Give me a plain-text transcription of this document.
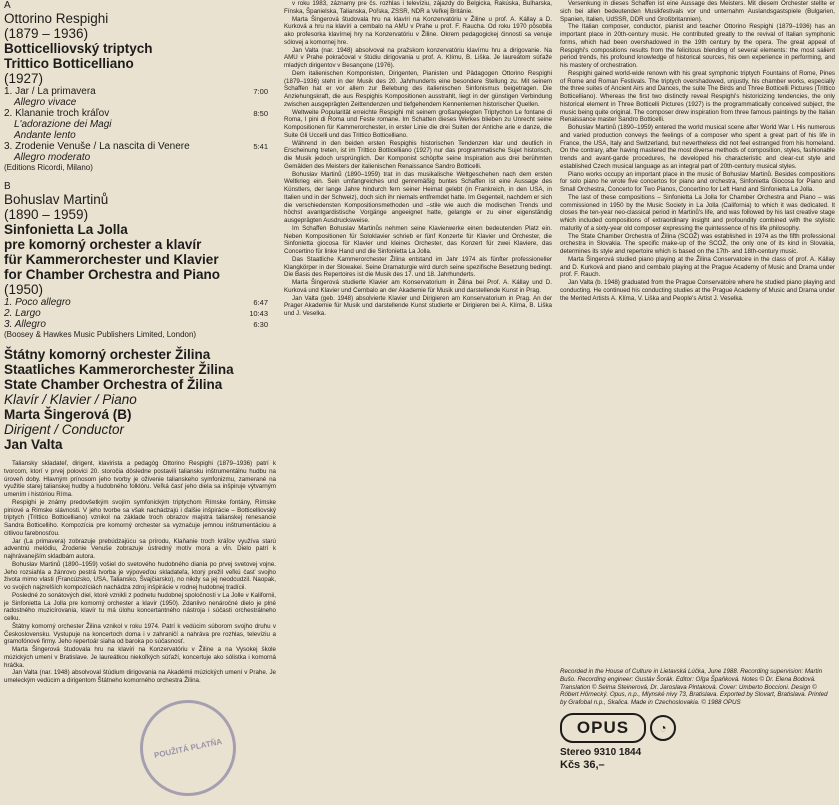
A

Ottorino Respighi

(1879 – 1936)

Botticelliovský triptych

Trittico Botticelliano

(1927)

1. Jar / La primavera	7:00
Allegro vivace
2. Klananie troch kráľov	8:50
L'adorazione dei Magi
Andante lento
3. Zrodenie Venuše / La nascita di Venere	5:41
Allegro moderato
(Editions Ricordi, Milano)

B

Bohuslav Martinů

(1890 – 1959)

Sinfonietta La Jolla

pre komorný orchester a klavír

für Kammerorchester und Klavier

for Chamber Orchestra and Piano

(1950)

1. Poco allegro	6:47
2. Largo	10:43
3. Allegro	6:30
(Boosey & Hawkes Music Publishers Limited, London)

Štátny komorný orchester Žilina

Staatliches Kammerorchester Žilina

State Chamber Orchestra of Žilina

Klavír / Klavier / Piano

Marta Šingerová (B)

Dirigent / Conductor

Jan Valta

Taliansky skladateľ, dirigent, klavirista a pedagóg Ottorino Respighi (1879–1936) patrí k tvorcom, ktorí v prvej polovici 20. storočia dôsledne postavili taliansku inštrumentálnu hudbu na úroveň doby. Hlavným prínosom jeho tvorby je oživenie talianskeho symfonizmu, zamerané na využitie starej talianskej hudby a hudobného folklóru. Veľká časť jeho diela sa inšpiruje výtvarným umením i históriou Ríma.

Respighi je známy predovšetkým svojím symfonickým triptychom Rímske fontány, Rímske piniové a Rímske slávnosti. V jeho tvorbe sa však nachádzajú i ďalšie inšpirácie – Botticelliovský triptych (Trittico Botticelliano) vznikol na základe troch obrazov majstra talianskej renesancie Sandra Botticelliho. Kompozícia pre komorný orchester sa vyznačuje jemnou inštrumentáciou a citlivou farebnosťou.

Jar (La primavera) zobrazuje prebúdzajúcu sa prírodu, Klaňanie troch kráľov využíva starú adventnú melódiu, Zrodenie Venuše zobrazuje ústredný motív mora a vĺn. Dielo patrí k najhrávanejším skladbám autora.

Bohuslav Martinů (1890–1959) vošiel do svetového hudobného diania po prvej svetovej vojne. Jeho rozsiahla a žánrovo pestrá tvorba je výpoveďou skladateľa, ktorý prežil veľkú časť svojho života mimo vlasti (Francúzsko, USA, Taliansko, Švajčiarsko), no nikdy sa jej neodcudzil. Naopak, vo svojich najzrelších kompozíciách nachádza zdroj inšpirácie v rodnej hudobnej tradícii.

Posledné zo sonátových diel, ktoré vznikli z podnetu hudobnej spoločnosti v La Jolle v Kalifornii, je Sinfonietta La Jolla pre komorný orchester a klavír (1950). Zdanlivo nenáročné dielo je plné radostného muzicírovania, klavír tu má úlohu koncertantného nástroja i súčasti orchestrálneho celku.

Štátny komorný orchester Žilina vznikol v roku 1974. Patrí k vedúcim súborom svojho druhu v Československu. Vystupuje na koncertoch doma i v zahraničí a nahráva pre rozhlas, televíziu a gramofónové firmy. Jeho repertoár siaha od baroka po súčasnosť.

Marta Šingerová študovala hru na klavíri na Konzervatóriu v Žiline a na Vysokej škole múzických umení v Bratislave. Je laureátkou niekoľkých súťaží, koncertuje ako sólistka i komorná hráčka.

Jan Valta (nar. 1948) absolvoval štúdium dirigovania na Akadémii múzických umení v Prahe. Je umeleckým vedúcim a dirigentom Štátneho komorného orchestra Žilina.

v roku 1983, záznamy pre čs. rozhlas i televíziu, zájazdy do Belgicka, Rakúska, Bulharska, Fínska, Španielska, Talianska, Poľska, ZSSR, NDR a Veľkej Británie.

Marta Šingerová študovala hru na klavíri na Konzervatóriu v Žiline u prof. A. Kállay a D. Kurková a hru na klavíri a cembalo na AMU v Prahe u prof. F. Raucha. Od roku 1970 pôsobila ako profesorka klavírnej hry na Konzervatóriu v Žiline. Okrem pedagogickej činnosti sa venuje sólovej a komornej hre.

Jan Valta (nar. 1948) absolvoval na pražskom konzervatóriu klavírnu hru a dirigovanie. Na AMU v Prahe pokračoval v štúdiu dirigovania u prof. A. Klímu, B. Liška. Je laureátom súťaže mladých dirigentov v Besançone (1976).

Dem italienischen Komponisten, Dirigenten, Pianisten und Pädagogen Ottorino Respighi (1879–1936) steht in der Musik des 20. Jahrhunderts eine besondere Stellung zu. Mit seinem Schaffen hat er vor allem zur Belebung des italienischen Sinfonismus beigetragen. Die Anziehungskraft, die aus Respighis Kompositionen ausstrahlt, liegt in der günstigen Verbindung zwischen ausgeprägten Zeittendenzen und tiefgehendem Kennenlernen historischer Quellen.

Weltweite Popularität erreichte Respighi mit seinem großangelegten Triptychon Le fontane di Roma, I pini di Roma und Feste romane. Im Schatten dieses Werkes blieben zu Unrecht seine Kompositionen für Kammerorchester, in erster Linie die drei Suiten der Antiche arie e danze, die Suite Gli Uccelli und das Trittico Botticelliano.

Während in den beiden ersten Respighis historischen Tendenzen klar und deutlich in Erscheinung treten, ist im Trittico Botticelliano (1927) nur das programmatische Sujet historisch, die Musik jedoch ursprünglich. Der Komponist schöpfte seine Inspiration aus drei berühmten Gemälden des Meisters der italienischen Renaissance Sandro Botticelli.

Bohuslav Martinů (1890–1959) trat in das musikalische Weltgeschehen nach dem ersten Weltkrieg ein. Sein umfangreiches und genremäßig buntes Schaffen ist eine Aussage des Künstlers, der lange Jahre hindurch fern seiner Heimat gelebt (in Frankreich, in den USA, in Italien und in der Schweiz), doch sich ihr niemals entfremdet hatte. Im Gegenteil, nachdem er sich die verschiedensten Kompositionsmethoden und –stile wie auch die modischen Trends und höchst avantgardistische Vorgänge angeeignet hatte, gelangte er zu einer eigenständig ausgeprägten Ausdrucksweise.

Im Schaffen Bohuslav Martinůs nehmen seine Klavierwerke einen bedeutenden Platz ein. Neben Kompositionen für Soloklavier schrieb er fünf Konzerte für Klavier und Orchester, die Sinfonietta giocosa für Klavier und kleines Orchester, das Konzert für zwei Klaviere, das Concertino für linke Hand und die Sinfonietta La Jolla.

Das Staatliche Kammerorchester Žilina entstand im Jahr 1974 als fünfter professioneller Klangkörper in der Slowakei. Seine Dramaturgie wird durch seine spezifische Besetzung bedingt. Die Basis des Repertoires ist die Musik des 17. und 18. Jahrhunderts.

Marta Šingerová studierte Klavier am Konservatorium in Žilina bei Prof. A. Kállay und D. Kurková und Klavier und Cembalo an der Akademie für Musik und darstellende Kunst in Prag.

Jan Valta (geb. 1948) absolvierte Klavier und Dirigieren am Konservatorium in Prag. An der Prager Akademie für Musik und darstellende Kunst studierte er Dirigieren bei A. Klíma, B. Liška und J. Veselka.

Versenkung in dieses Schaffen ist eine Aussage des Meisters. Mit diesem Orchester stellte er sich bei allen bedeutenden Musikfestivals vor und unternahm Auslandsgastspiele (Bulgarien, Spanien, Italien, UdSSR, DDR und Großbritannien).

The Italian composer, conductor, pianist and teacher Ottorino Respighi (1879–1936) has an important place in 20th-century music. He contributed greatly to the revival of Italian symphonic forms, which had been overshadowed in the 19th century by the opera. The great appeal of Respighi's compositions results from the felicitous blending of several elements: the most salient period trends, his profound knowledge of historical sources, his own experience in performing, and his mastery of orchestration.

Respighi gained world-wide renown with his great symphonic triptych Fountains of Rome, Pines of Rome and Roman Festivals. The triptych overshadowed, unjustly, his chamber works, especially the three suites of Ancient Airs and Dances, the suite The Birds and Three Botticelli Pictures (Trittico Botticelliano). Whereas the first two distinctly reveal Respighi's historicizing tendencies, the only historical element in Three Botticelli Pictures (1927) is the programmatically conceived subject, the music being quite original. The composer drew inspiration from three famous paintings by the Italian Renaissance master Sandro Botticelli.

Bohuslav Martinů (1890–1959) entered the world musical scene after World War I. His numerous and varied production conveys the feelings of a composer who spent a great part of his life in France, the USA, Italy and Switzerland, but nevertheless did not feel estranged from his homeland. On the contrary, after having mastered the most diverse methods of composition, styles, fashionable trends and avant-garde procedures, he developed his characteristic and clear-cut style and established Czech musical language as an integral part of 20th-century musical styles.

Piano works occupy an important place in the music of Bohuslav Martinů. Besides compositions for solo piano he wrote five concertos for piano and orchestra, Sinfonietta Giocosa for Piano and Small Orchestra, Concerto for Two Pianos, Concertino for Left Hand and Sinfonietta La Jolla.

The last of these compositions – Sinfonietta La Jolla for Chamber Orchestra and Piano – was commissioned in 1950 by the Music Society in La Jolla (California) to which it was dedicated. It closes the ten-year neo-classical period in Martinů's life, and was followed by his last creative stage which included compositions of extraordinary insight and profoundity combined with the stylistic maturity of a sixty-year old composer expressing the quintessence of his life philosophy.

The State Chamber Orchestra of Žilina (SCOŽ) was established in 1974 as the fifth professional orchestra in Slovakia. The specific make-up of the SCOŽ, the only one of its kind in Slovakia, determines its style and repertoire which is based on the 17th- and 18th-century music.

Marta Šingerová studied piano playing at the Žilina Conservatoire in the class of prof. A. Kállay and D. Kurková and piano and cembalo playing at the Prague Academy of Music and Drama under prof. F. Rauch.

Jan Valta (b. 1948) graduated from the Prague Conservatoire where he studied piano playing and conducting. He continued his conducting studies at the Prague Academy of Music and Drama under the Merited Artists A. Klíma, V. Liška and People's Artist J. Veselka.

Recorded in the House of Culture in Lietavská Lúčka, June 1988. Recording supervision: Martin Bušo. Recording engineer: Gustáv Šorák. Editor: Oľga Špaňková. Notes © Dr. Elena Bodová. Translation © Selma Steinerová, Dr. Jaroslava Pintaková. Cover: Umberto Boccioni. Design © Róbert Hörnecký. Opus, n.p., Mlynské nivy 73, Bratislava. Exported by Slovart, Bratislava. Printed by Grafobal n.p., Skalica. Made in Czechoslovakia. © 1988 OPUS

OPUS	◔
Stereo 9310 1844
Kčs 36,–
POUŽITÁ PLATŇA
